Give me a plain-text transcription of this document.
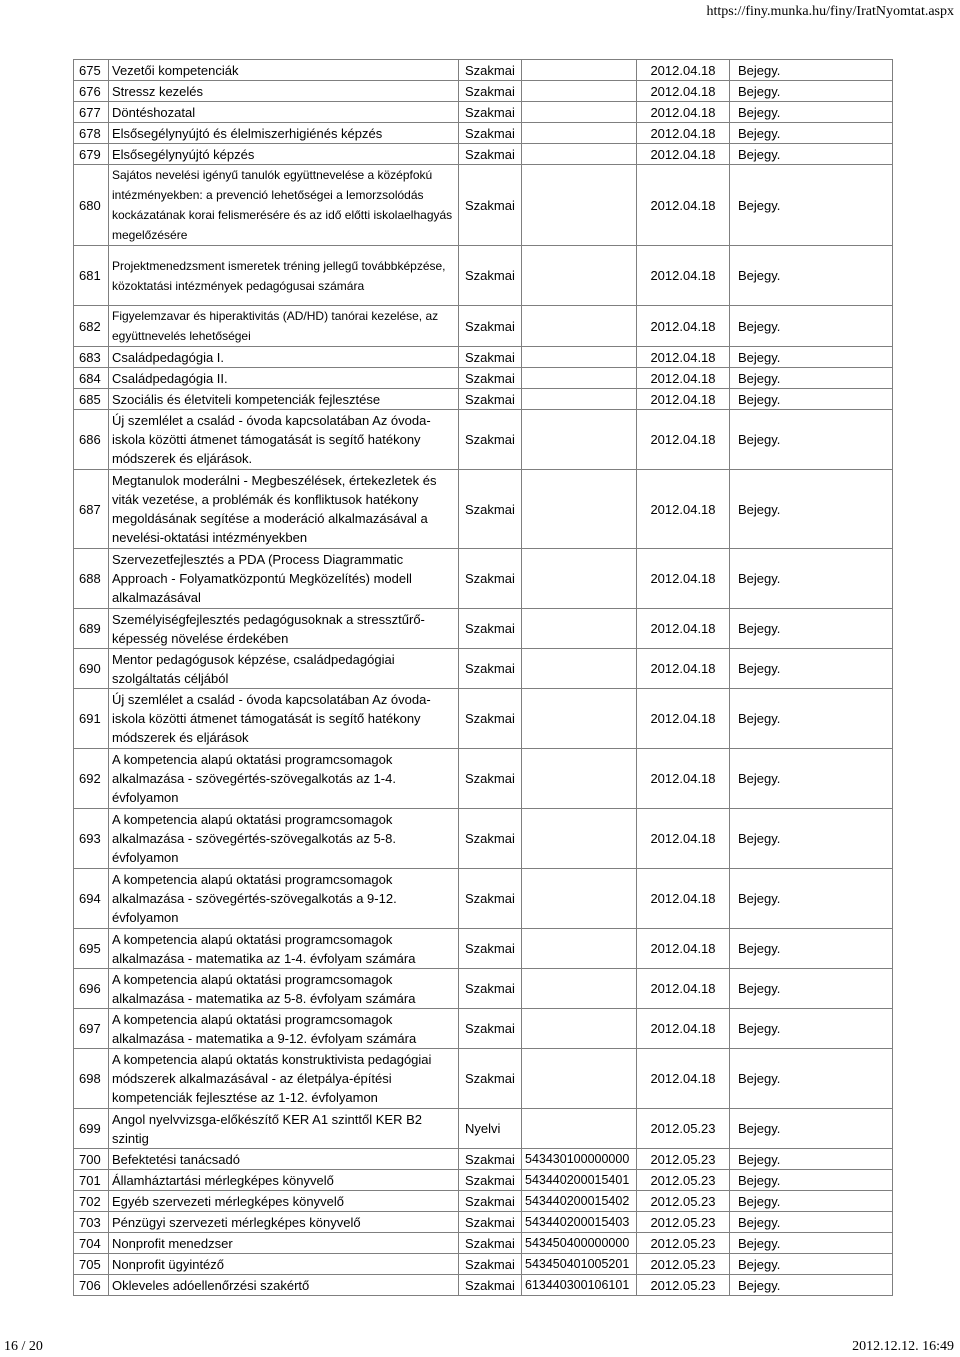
https://finy.munka.hu/finy/IratNyomtat.aspx
675	Vezetői kompetenciák	Szakmai		2012.04.18	Bejegy.
676	Stressz kezelés	Szakmai		2012.04.18	Bejegy.
677	Döntéshozatal	Szakmai		2012.04.18	Bejegy.
678	Elsősegélynyújtó és élelmiszerhigiénés képzés	Szakmai		2012.04.18	Bejegy.
679	Elsősegélynyújtó képzés	Szakmai		2012.04.18	Bejegy.
680	Sajátos nevelési igényű tanulók együttnevelése a középfokú intézményekben: a prevenció lehetőségei a lemorzsolódás kockázatának korai felismerésére és az idő előtti iskolaelhagyás megelőzésére	Szakmai		2012.04.18	Bejegy.
681	Projektmenedzsment ismeretek tréning jellegű továbbképzése, közoktatási intézmények pedagógusai számára	Szakmai		2012.04.18	Bejegy.
682	Figyelemzavar és hiperaktivitás (AD/HD) tanórai kezelése, az együttnevelés lehetőségei	Szakmai		2012.04.18	Bejegy.
683	Családpedagógia I.	Szakmai		2012.04.18	Bejegy.
684	Családpedagógia II.	Szakmai		2012.04.18	Bejegy.
685	Szociális és életviteli kompetenciák fejlesztése	Szakmai		2012.04.18	Bejegy.
686	Új szemlélet a család - óvoda kapcsolatában Az óvoda-iskola közötti átmenet támogatását is segítő hatékony módszerek és eljárások.	Szakmai		2012.04.18	Bejegy.
687	Megtanulok moderálni - Megbeszélések, értekezletek és viták vezetése, a problémák és konfliktusok hatékony megoldásának segítése a moderáció alkalmazásával a nevelési-oktatási intézményekben	Szakmai		2012.04.18	Bejegy.
688	Szervezetfejlesztés a PDA (Process Diagrammatic Approach - Folyamatközpontú Megközelítés) modell alkalmazásával	Szakmai		2012.04.18	Bejegy.
689	Személyiségfejlesztés pedagógusoknak a stressztűrő-képesség növelése érdekében	Szakmai		2012.04.18	Bejegy.
690	Mentor pedagógusok képzése, családpedagógiai szolgáltatás céljából	Szakmai		2012.04.18	Bejegy.
691	Új szemlélet a család - óvoda kapcsolatában Az óvoda-iskola közötti átmenet támogatását is segítő hatékony módszerek és eljárások	Szakmai		2012.04.18	Bejegy.
692	A kompetencia alapú oktatási programcsomagok alkalmazása - szövegértés-szövegalkotás az 1-4. évfolyamon	Szakmai		2012.04.18	Bejegy.
693	A kompetencia alapú oktatási programcsomagok alkalmazása - szövegértés-szövegalkotás az 5-8. évfolyamon	Szakmai		2012.04.18	Bejegy.
694	A kompetencia alapú oktatási programcsomagok alkalmazása - szövegértés-szövegalkotás a 9-12. évfolyamon	Szakmai		2012.04.18	Bejegy.
695	A kompetencia alapú oktatási programcsomagok alkalmazása - matematika az 1-4. évfolyam számára	Szakmai		2012.04.18	Bejegy.
696	A kompetencia alapú oktatási programcsomagok alkalmazása - matematika az 5-8. évfolyam számára	Szakmai		2012.04.18	Bejegy.
697	A kompetencia alapú oktatási programcsomagok alkalmazása - matematika a 9-12. évfolyam számára	Szakmai		2012.04.18	Bejegy.
698	A kompetencia alapú oktatás konstruktivista pedagógiai módszerek alkalmazásával - az életpálya-építési kompetenciák fejlesztése az 1-12. évfolyamon	Szakmai		2012.04.18	Bejegy.
699	Angol nyelvvizsga-előkészítő KER A1 szinttől KER B2 szintig	Nyelvi		2012.05.23	Bejegy.
700	Befektetési tanácsadó	Szakmai	543430100000000	2012.05.23	Bejegy.
701	Államháztartási mérlegképes könyvelő	Szakmai	543440200015401	2012.05.23	Bejegy.
702	Egyéb szervezeti mérlegképes könyvelő	Szakmai	543440200015402	2012.05.23	Bejegy.
703	Pénzügyi szervezeti mérlegképes könyvelő	Szakmai	543440200015403	2012.05.23	Bejegy.
704	Nonprofit menedzser	Szakmai	543450400000000	2012.05.23	Bejegy.
705	Nonprofit ügyintéző	Szakmai	543450401005201	2012.05.23	Bejegy.
706	Okleveles adóellenőrzési szakértő	Szakmai	613440300106101	2012.05.23	Bejegy.
16 / 20	2012.12.12. 16:49
